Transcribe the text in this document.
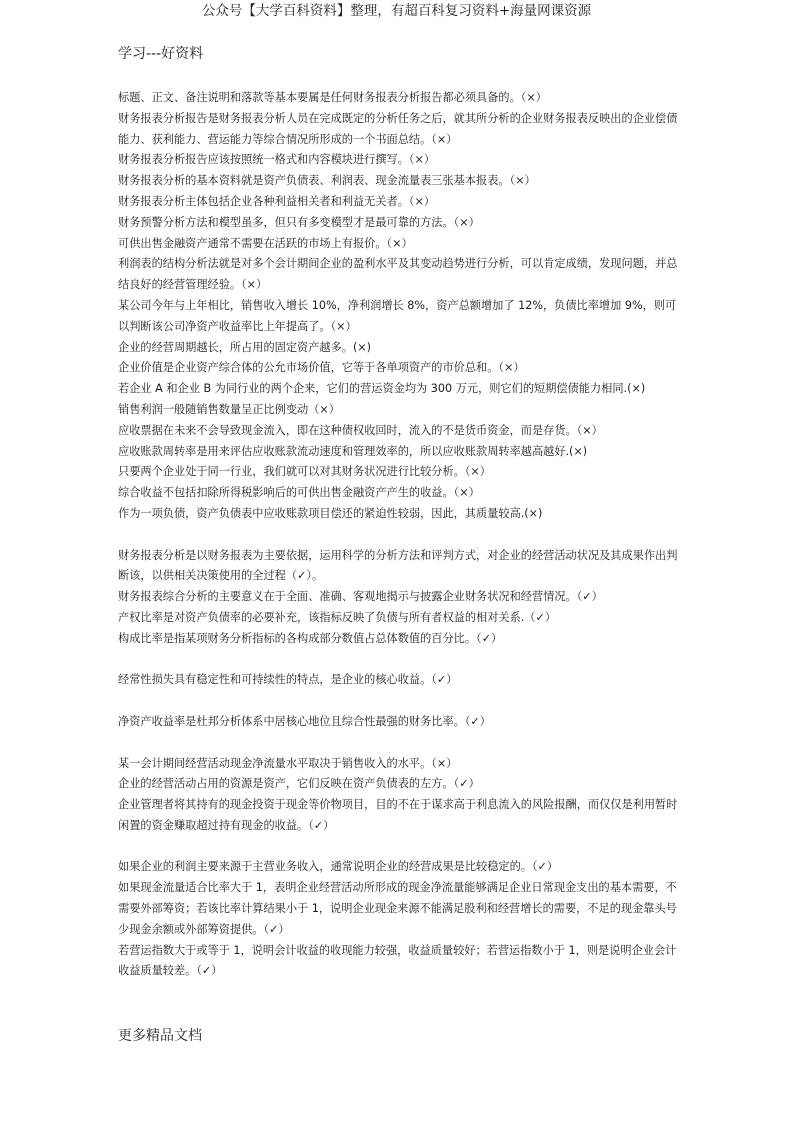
公众号【大学百科资料】整理，有超百科复习资料+海量网课资源
学习---好资料

标题、正文、备注说明和落款等基本要属是任何财务报表分析报告都必须具备的。（×）

财务报表分析报告是财务报表分析人员在完成既定的分析任务之后，就其所分析的企业财务报表反映出的企业偿债能力、获利能力、营运能力等综合情况所形成的一个书面总结。（×）

财务报表分析报告应该按照统一格式和内容模块进行撰写。（×）

财务报表分析的基本资料就是资产负债表、利润表、现金流量表三张基本报表。（×）

财务报表分析主体包括企业各种利益相关者和利益无关者。（×）

财务预警分析方法和模型虽多，但只有多变模型才是最可靠的方法。（×）

可供出售金融资产通常不需要在活跃的市场上有报价。（×）

利润表的结构分析法就是对多个会计期间企业的盈利水平及其变动趋势进行分析，可以肯定成绩，发现问题，并总结良好的经营管理经验。（×）

某公司今年与上年相比，销售收入增长 10%，净利润增长 8%，资产总额增加了 12%，负债比率增加 9%，则可以判断该公司净资产收益率比上年提高了。（×）

企业的经营周期越长，所占用的固定资产越多。(×)

企业价值是企业资产综合体的公允市场价值，它等于各单项资产的市价总和。（×）

若企业 A 和企业 B 为同行业的两个企来，它们的营运资金均为 300 万元，则它们的短期偿债能力相同.(×)

销售利润一般随销售数量呈正比例变动（×）

应收票据在未来不会导致现金流入，即在这种债权收回时，流入的不是货币资金，而是存货。（×）

应收账款周转率是用来评估应收账款流动速度和管理效率的，所以应收账款周转率越高越好.(×)

只要两个企业处于同一行业，我们就可以对其财务状况进行比较分析。（×）

综合收益不包括扣除所得税影响后的可供出售金融资产产生的收益。（×）

作为一项负债，资产负债表中应收账款项目偿还的紧迫性较弱，因此，其质量较高.(×)

财务报表分析是以财务报表为主要依据，运用科学的分析方法和评判方式，对企业的经营活动状况及其成果作出判断该，以供相关决策使用的全过程（✓）。

财务报表综合分析的主要意义在于全面、准确、客观地揭示与披露企业财务状况和经营情况。（✓）

产权比率是对资产负债率的必要补充，该指标反映了负债与所有者权益的相对关系.（✓）

构成比率是指某项财务分析指标的各构成部分数值占总体数值的百分比。（✓）

经常性损失具有稳定性和可持续性的特点，是企业的核心收益。（✓）

净资产收益率是杜邦分析体系中居核心地位且综合性最强的财务比率。（✓）

某一会计期间经营活动现金净流量水平取决于销售收入的水平。（×）

企业的经营活动占用的资源是资产，它们反映在资产负债表的左方。（✓）

企业管理者将其持有的现金投资于现金等价物项目，目的不在于谋求高于利息流入的风险报酬，而仅仅是利用暂时闲置的资金赚取超过持有现金的收益。（✓）

如果企业的利润主要来源于主营业务收入，通常说明企业的经营成果是比较稳定的。（✓）

如果现金流量适合比率大于 1，表明企业经营活动所形成的现金净流量能够满足企业日常现金支出的基本需要，不需要外部筹资；若该比率计算结果小于 1，说明企业现金来源不能满足股利和经营增长的需要，不足的现金靠头号少现金余额或外部筹资提供。（✓）

若营运指数大于或等于 1，说明会计收益的收现能力较强，收益质量较好；若营运指数小于 1，则是说明企业会计收益质量较差。（✓）

更多精品文档
